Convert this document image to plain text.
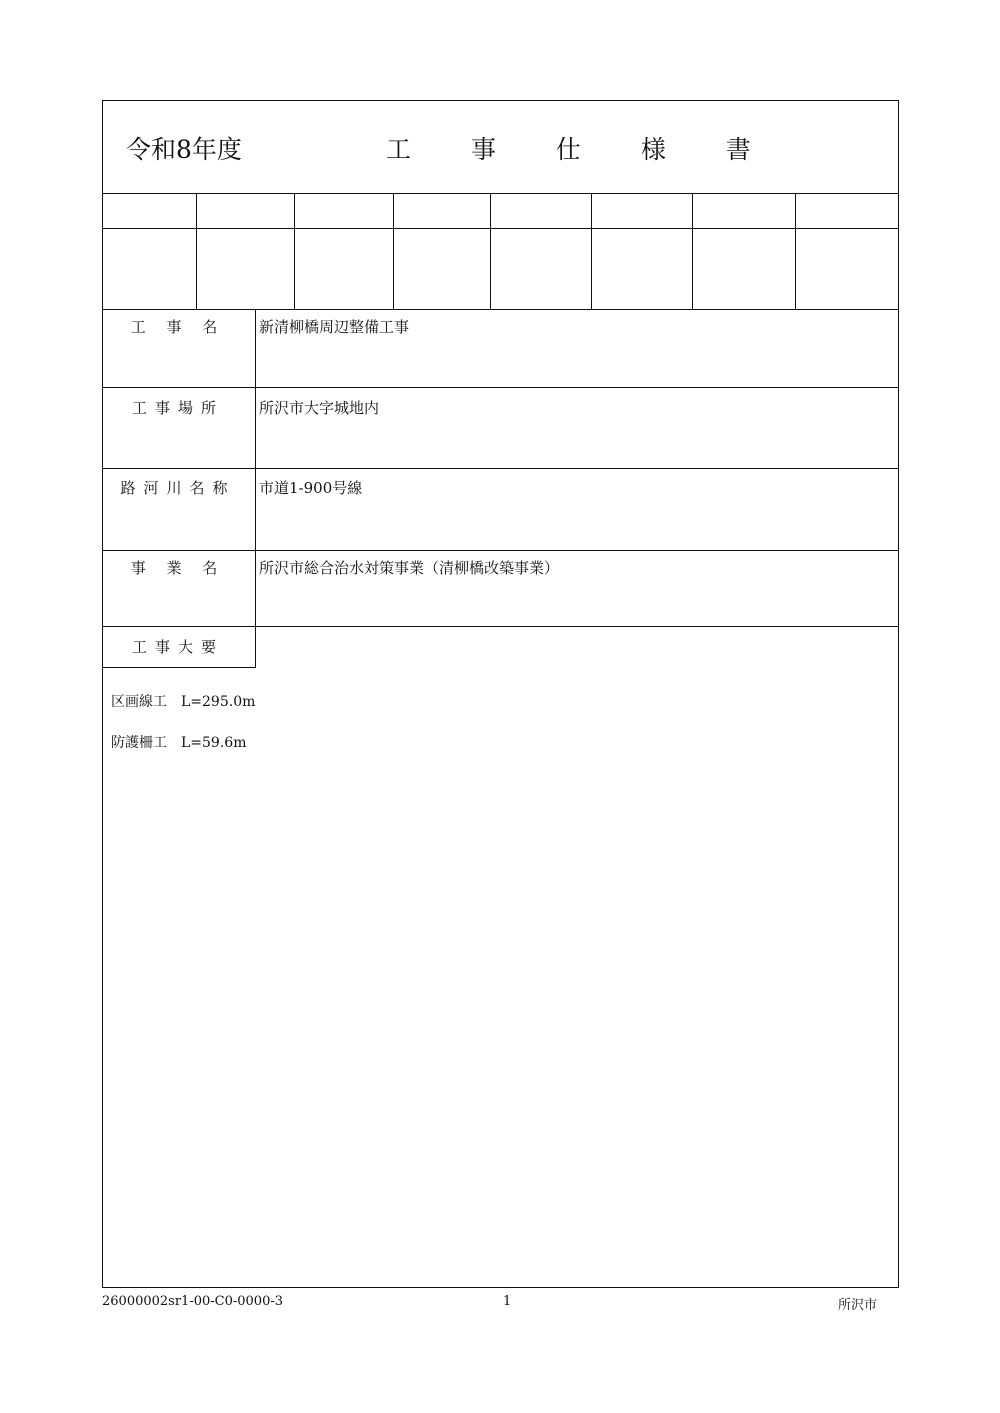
令和8年度	工 事 仕 様 書
工 事 名	新清柳橋周辺整備工事
工事場所	所沢市大字城地内
路河川名称	市道1-900号線
事 業 名	所沢市総合治水対策事業（清柳橋改築事業）
工事大要
区画線工　L=295.0m
防護柵工　L=59.6m
26000002sr1-00-C0-0000-3	1	所沢市
